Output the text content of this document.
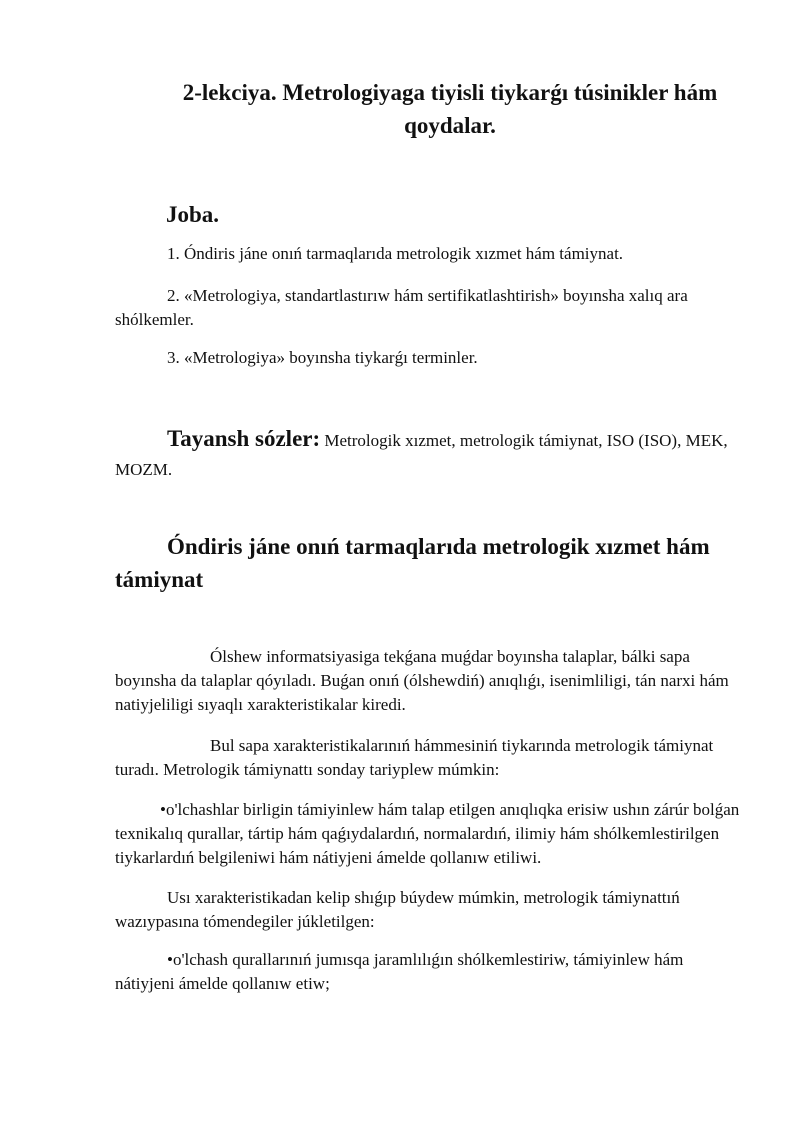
2-lekciya. Metrologiyaga tiyisli tiykarǵı túsinikler hám
qoydalar.
Joba.

1. Óndiris jáne onıń tarmaqlarıda metrologik xızmet hám támiynat.

2. «Metrologiya, standartlastırıw hám sertifikatlashtirish» boyınsha xalıq ara shólkemler.

3. «Metrologiya» boyınsha tiykarǵı terminler.

Tayansh sózler: Metrologik xızmet, metrologik támiynat, ISO (ISO), MEK, MOZM.

Óndiris jáne onıń tarmaqlarıda metrologik xızmet hám támiynat

Ólshew informatsiyasiga tekǵana muǵdar boyınsha talaplar, bálki sapa boyınsha da talaplar qóyıladı. Buǵan onıń (ólshewdiń) anıqlıǵı, isenimliligi, tán narxi hám natiyjeliligi sıyaqlı xarakteristikalar kiredi.

Bul sapa xarakteristikalarınıń hámmesiniń tiykarında metrologik támiynat turadı. Metrologik támiynattı sonday tariyplew múmkin:

•o'lchashlar birligin támiyinlew hám talap etilgen anıqlıqka erisiw ushın zárúr bolǵan texnikalıq qurallar, tártip hám qaǵıydalardıń, normalardıń, ilimiy hám shólkemlestirilgen tiykarlardıń belgileniwi hám nátiyjeni ámelde qollanıw etiliwi.

Usı xarakteristikadan kelip shıǵıp búydew múmkin, metrologik támiynattıń wazıypasına tómendegiler júkletilgen:

•o'lchash qurallarınıń jumısqa jaramlılıǵın shólkemlestiriw, támiyinlew hám nátiyjeni ámelde qollanıw etiw;
